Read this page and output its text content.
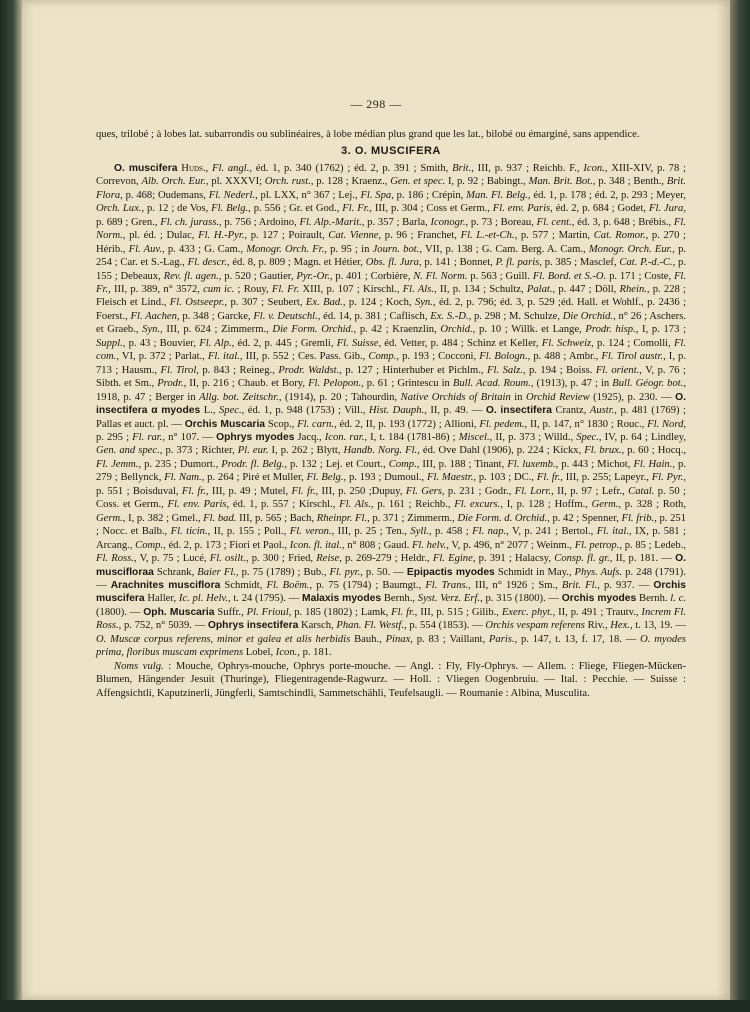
— 298 —

ques, trilobé ; à lobes lat. subarrondis ou sublinéaires, à lobe médian plus grand que les lat., bilobé ou émarginé, sans appendice.

3. O. MUSCIFERA

O. muscifera Huds., Fl. angl., éd. 1, p. 340 (1762) ; éd. 2, p. 391 ; Smith, Brit., III, p. 937 ; Reichb. F., Icon., XIII-XIV, p. 78 ; Correvon, Alb. Orch. Eur., pl. XXXVI; Orch. rust., p. 128 ; Kraenz., Gen. et spec. I, p. 92 ; Babingt., Man. Brit. Bot., p. 348 ; Benth., Brit. Flora, p. 468; Oudemans, Fl. Nederl., pl. LXX, n° 367 ; Lej., Fl. Spa, p. 186 ; Crépin, Man. Fl. Belg., éd. 1, p. 178 ; éd. 2, p. 293 ; Meyer, Orch. Lux., p. 12 ; de Vos, Fl. Belg., p. 556 ; Gr. et God., Fl. Fr., III, p. 304 ; Coss et Germ., Fl. env. Paris, éd. 2, p. 684 ; Godet, Fl. Jura, p. 689 ; Gren., Fl. ch. jurass., p. 756 ; Ardoino, Fl. Alp.-Marit., p. 357 ; Barla, Iconogr., p. 73 ; Boreau, Fl. cent., éd. 3, p. 648 ; Brébis., Fl. Norm., pl. éd. ; Dulac, Fl. H.-Pyr., p. 127 ; Poirault, Cat. Vienne, p. 96 ; Franchet, Fl. L.-et-Ch., p. 577 ; Martin, Cat. Romor., p. 270 ; Hérib., Fl. Auv., p. 433 ; G. Cam., Monogr. Orch. Fr., p. 95 ; in Journ. bot., VII, p. 138 ; G. Cam. Berg. A. Cam., Monogr. Orch. Eur., p. 254 ; Car. et S.-Lag., Fl. descr., éd. 8, p. 809 ; Magn. et Hétier, Obs. fl. Jura, p. 141 ; Bonnet, P. fl. paris, p. 385 ; Masclef, Cat. P.-d.-C., p. 155 ; Debeaux, Rev. fl. agen., p. 520 ; Gautier, Pyr.-Or., p. 401 ; Corbière, N. Fl. Norm. p. 563 ; Guill. Fl. Bord. et S.-O. p. 171 ; Coste, Fl. Fr., III, p. 389, n° 3572, cum ic. ; Rouy, Fl. Fr. XIII, p. 107 ; Kirschl., Fl. Als., II, p. 134 ; Schultz, Palat., p. 447 ; Döll, Rhein., p. 228 ; Fleisch et Lind., Fl. Ostseepr., p. 307 ; Seubert, Ex. Bad., p. 124 ; Koch, Syn., éd. 2, p. 796; éd. 3, p. 529 ;éd. Hall. et Wohlf., p. 2436 ; Foerst., Fl. Aachen, p. 348 ; Garcke, Fl. v. Deutschl., éd. 14, p. 381 ; Caflisch, Ex. S.-D., p. 298 ; M. Schulze, Die Orchid., n° 26 ; Aschers. et Graeb., Syn., III, p. 624 ; Zimmerm., Die Form. Orchid., p. 42 ; Kraenzlin, Orchid., p. 10 ; Willk. et Lange, Prodr. hisp., I, p. 173 ; Suppl., p. 43 ; Bouvier, Fl. Alp., éd. 2, p. 445 ; Gremli, Fl. Suisse, éd. Vetter, p. 484 ; Schinz et Keller, Fl. Schweiz, p. 124 ; Comolli, Fl. com., VI, p. 372 ; Parlat., Fl. ital., III, p. 552 ; Ces. Pass. Gib., Comp., p. 193 ; Cocconi, Fl. Bologn., p. 488 ; Ambr., Fl. Tirol austr., I, p. 713 ; Hausm., Fl. Tirol, p. 843 ; Reineg., Prodr. Waldst., p. 127 ; Hinterhuber et Pichlm., Fl. Salz., p. 194 ; Boiss. Fl. orient., V, p. 76 ; Sibth. et Sm., Prodr., II, p. 216 ; Chaub. et Bory, Fl. Pelopon., p. 61 ; Grintescu in Bull. Acad. Roum., (1913), p. 47 ; in Bull. Géogr. bot., 1918, p. 47 ; Berger in Allg. bot. Zeitschr., (1914), p. 20 ; Tahourdin, Native Orchids of Britain in Orchid Review (1925), p. 230. — O. insectifera α myodes L., Spec., éd. 1, p. 948 (1753) ; Vill., Hist. Dauph., II, p. 49. — O. insectifera Crantz, Austr., p. 481 (1769) ; Pallas et auct. pl. — Orchis Muscaria Scop., Fl. carn., éd. 2, II, p. 193 (1772) ; Allioni, Fl. pedem., II, p. 147, n° 1830 ; Rouc., Fl. Nord, p. 295 ; Fl. rar., n° 107. — Ophrys myodes Jacq., Icon. rar., I, t. 184 (1781-86) ; Miscel., II, p. 373 ; Willd., Spec., IV, p. 64 ; Lindley, Gen. and spec., p. 373 ; Richter, Pl. eur. I, p. 262 ; Blytt, Handb. Norg. Fl., éd. Ove Dahl (1906), p. 224 ; Kickx, Fl. brux., p. 60 ; Hocq., Fl. Jemm., p. 235 ; Dumort., Prodr. fl. Belg., p. 132 ; Lej. et Court., Comp., III, p. 188 ; Tinant, Fl. luxemb., p. 443 ; Michot, Fl. Hain., p. 279 ; Bellynck, Fl. Nam., p. 264 ; Piré et Muller, Fl. Belg., p. 193 ; Dumoul., Fl. Maestr., p. 103 ; DC., Fl. fr., III, p. 255; Lapeyr., Fl. Pyr., p. 551 ; Boisduval, Fl. fr., III, p. 49 ; Mutel, Fl. fr., III, p. 250 ;Dupuy, Fl. Gers, p. 231 ; Godr., Fl. Lorr., II, p. 97 ; Lefr., Catal. p. 50 ; Coss. et Germ., Fl. env. Paris, éd. 1, p. 557 ; Kirschl., Fl. Als., p. 161 ; Reichb., Fl. excurs., I, p. 128 ; Hoffm., Germ., p. 328 ; Roth, Germ., I, p. 382 ; Gmel., Fl. bad. III, p. 565 ; Bach, Rheinpr. Fl., p. 371 ; Zimmerm., Die Form. d. Orchid., p. 42 ; Spenner, Fl. frib., p. 251 ; Nocc. et Balb., Fl. ticin., II, p. 155 ; Poll., Fl. veron., III, p. 25 ; Ten., Syll., p. 458 ; Fl. nap., V, p. 241 ; Bertol., Fl. ital., IX, p. 581 ; Arcang., Comp., éd. 2, p. 173 ; Fiori et Paol., Icon. fl. ital., n° 808 ; Gaud. Fl. helv., V, p. 496, n° 2077 ; Weinm., Fl. petrop., p. 85 ; Ledeb., Fl. Ross., V, p. 75 ; Lucé, Fl. osilt., p. 300 ; Fried, Reise, p. 269-279 ; Heldr., Fl. Egine, p. 391 ; Halacsy, Consp. fl. gr., II, p. 181. — O. muscifloraa Schrank, Baier Fl., p. 75 (1789) ; Bub., Fl. pyr., p. 50. — Epipactis myodes Schmidt in May., Phys. Aufs. p. 248 (1791). — Arachnites musciflora Schmidt, Fl. Boëm., p. 75 (1794) ; Baumgt., Fl. Trans., III, n° 1926 ; Sm., Brit. Fl., p. 937. — Orchis muscifera Haller, Ic. pl. Helv., t. 24 (1795). — Malaxis myodes Bernh., Syst. Verz. Erf., p. 315 (1800). — Orchis myodes Bernh. l. c. (1800). — Oph. Muscaria Suffr., Pl. Frioul, p. 185 (1802) ; Lamk, Fl. fr., III, p. 515 ; Gilib., Exerc. phyt., II, p. 491 ; Trautv., Increm Fl. Ross., p. 752, n° 5039. — Ophrys insectifera Karsch, Phan. Fl. Westf., p. 554 (1853). — Orchis vespam referens Riv., Hex., t. 13, 19. — O. Muscæ corpus referens, minor et galea et alis herbidis Bauh., Pinax, p. 83 ; Vaillant, Paris., p. 147, t. 13, f. 17, 18. — O. myodes prima, floribus muscam exprimens Lobel, Icon., p. 181.

Noms vulg. : Mouche, Ophrys-mouche, Ophrys porte-mouche. — Angl. : Fly, Fly-Ophrys. — Allem. : Fliege, Fliegen-Mücken-Blumen, Hängender Jesuit (Thuringe), Fliegentragende-Ragwurz. — Holl. : Vliegen Oogenbruiu. — Ital. : Pecchie. — Suisse : Affengsichtli, Kaputzinerli, Jüngferli, Samtschindli, Sammetschähli, Teufelsaugli. — Roumanie : Albina, Musculita.
